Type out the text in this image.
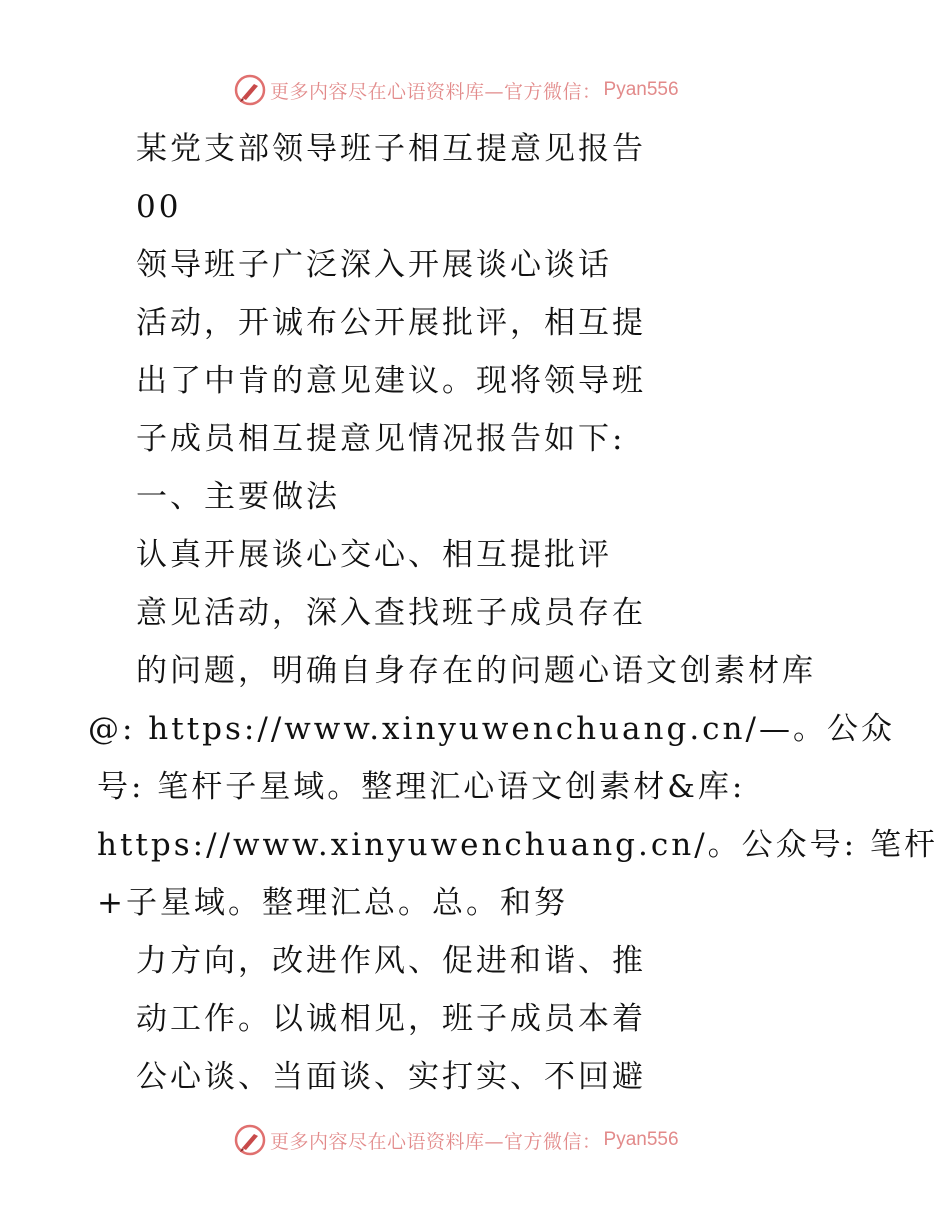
更多内容尽在心语资料库—官方微信： Pyan556
某党支部领导班子相互提意见报告
00
领导班子广泛深入开展谈心谈话
活动，开诚布公开展批评，相互提
出了中肯的意见建议。现将领导班
子成员相互提意见情况报告如下:
一、主要做法
认真开展谈心交心、相互提批评
意见活动，深入查找班子成员存在
的问题，明确自身存在的问题心语文创素材库
@: https://www.xinyuwenchuang.cn/—。公众
号: 笔杆子星域。整理汇心语文创素材&库:
https://www.xinyuwenchuang.cn/。公众号: 笔杆
+子星域。整理汇总。总。和努
力方向，改进作风、促进和谐、推
动工作。以诚相见，班子成员本着
公心谈、当面谈、实打实、不回避
更多内容尽在心语资料库—官方微信： Pyan556
